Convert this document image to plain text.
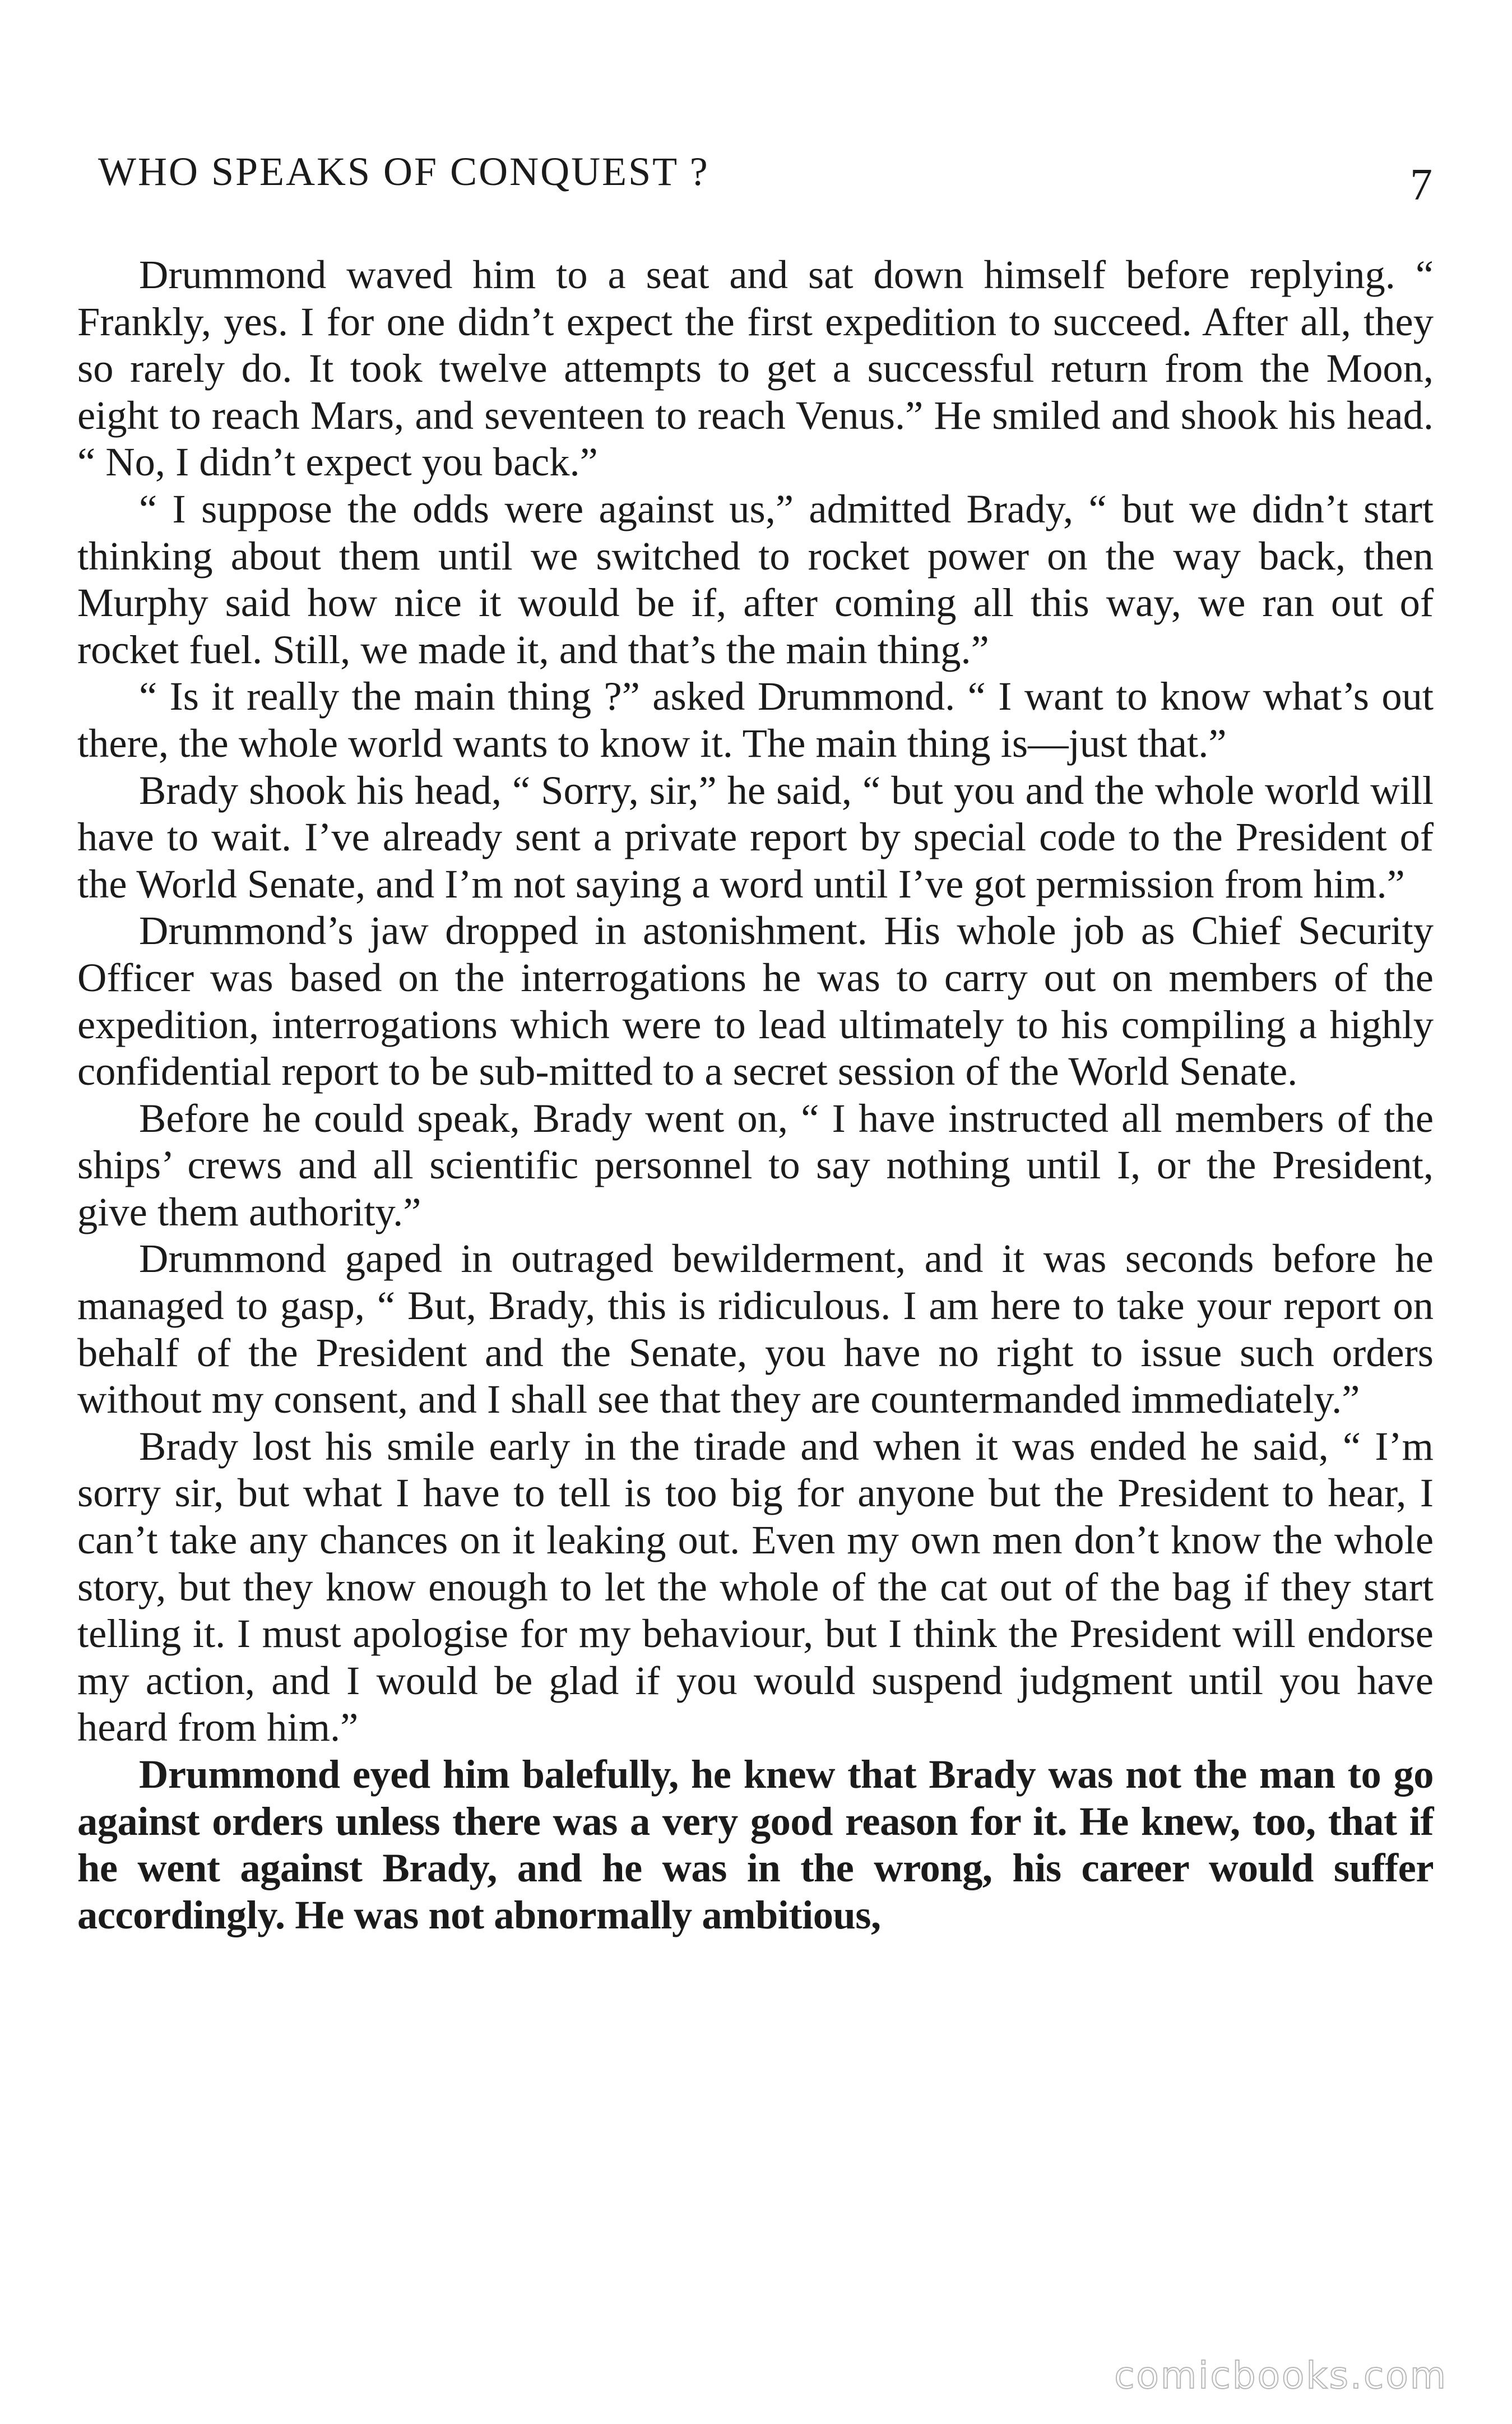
WHO SPEAKS OF CONQUEST ?	7

Drummond waved him to a seat and sat down himself before replying. “ Frankly, yes. I for one didn’t expect the first expedition to succeed. After all, they so rarely do. It took twelve attempts to get a successful return from the Moon, eight to reach Mars, and seventeen to reach Venus.” He smiled and shook his head. “ No, I didn’t expect you back.”

“ I suppose the odds were against us,” admitted Brady, “ but we didn’t start thinking about them until we switched to rocket power on the way back, then Murphy said how nice it would be if, after coming all this way, we ran out of rocket fuel. Still, we made it, and that’s the main thing.”

“ Is it really the main thing ?” asked Drummond. “ I want to know what’s out there, the whole world wants to know it. The main thing is—just that.”

Brady shook his head, “ Sorry, sir,” he said, “ but you and the whole world will have to wait. I’ve already sent a private report by special code to the President of the World Senate, and I’m not saying a word until I’ve got permission from him.”

Drummond’s jaw dropped in astonishment. His whole job as Chief Security Officer was based on the interrogations he was to carry out on members of the expedition, interrogations which were to lead ultimately to his compiling a highly confidential report to be sub-mitted to a secret session of the World Senate.

Before he could speak, Brady went on, “ I have instructed all members of the ships’ crews and all scientific personnel to say nothing until I, or the President, give them authority.”

Drummond gaped in outraged bewilderment, and it was seconds before he managed to gasp, “ But, Brady, this is ridiculous. I am here to take your report on behalf of the President and the Senate, you have no right to issue such orders without my consent, and I shall see that they are countermanded immediately.”

Brady lost his smile early in the tirade and when it was ended he said, “ I’m sorry sir, but what I have to tell is too big for anyone but the President to hear, I can’t take any chances on it leaking out. Even my own men don’t know the whole story, but they know enough to let the whole of the cat out of the bag if they start telling it. I must apologise for my behaviour, but I think the President will endorse my action, and I would be glad if you would suspend judgment until you have heard from him.”

Drummond eyed him balefully, he knew that Brady was not the man to go against orders unless there was a very good reason for it. He knew, too, that if he went against Brady, and he was in the wrong, his career would suffer accordingly. He was not abnormally ambitious,

comicbooks.com
